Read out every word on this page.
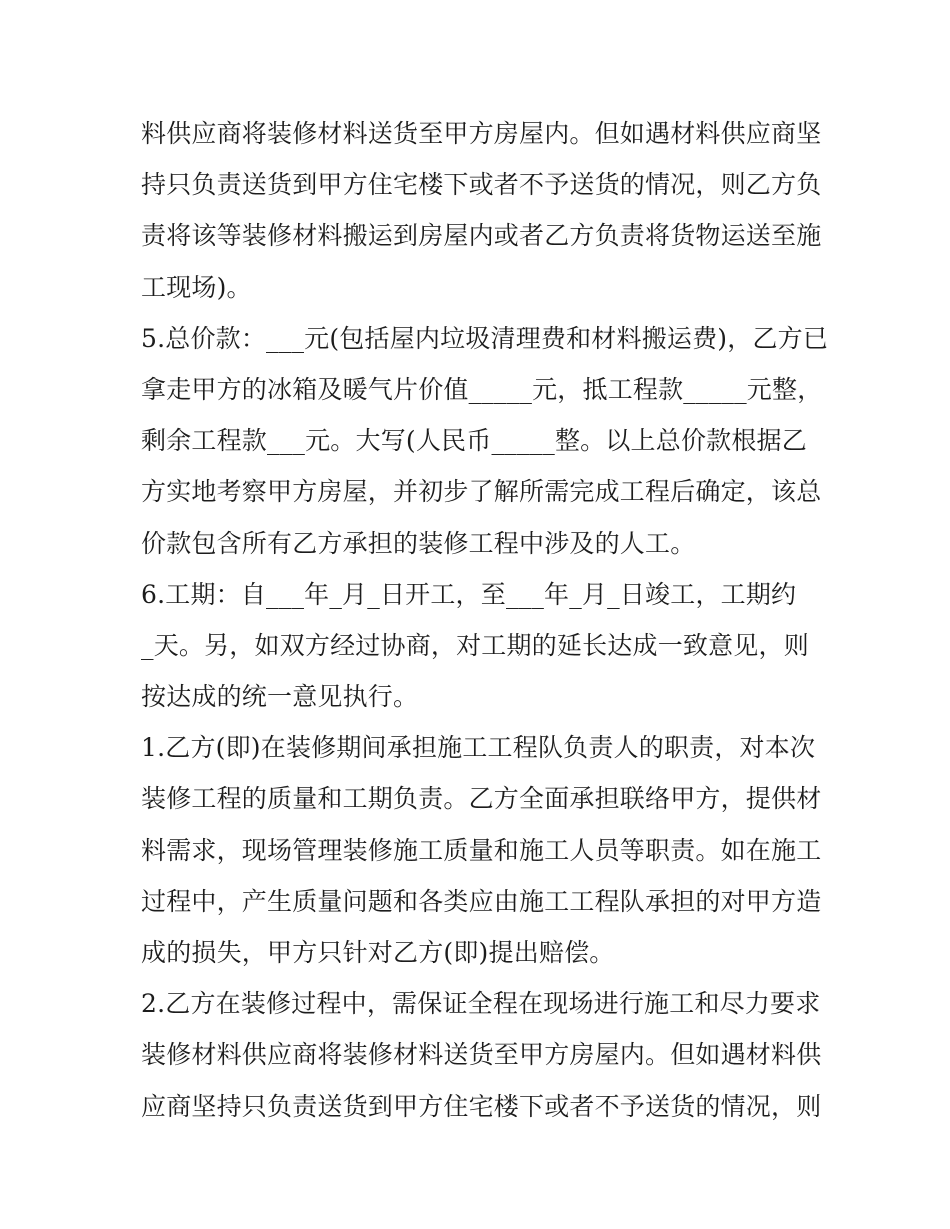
料供应商将装修材料送货至甲方房屋内。但如遇材料供应商坚
持只负责送货到甲方住宅楼下或者不予送货的情况，则乙方负
责将该等装修材料搬运到房屋内或者乙方负责将货物运送至施
工现场)。
5.总价款：___元(包括屋内垃圾清理费和材料搬运费)，乙方已
拿走甲方的冰箱及暖气片价值_____元，抵工程款_____元整，
剩余工程款___元。大写(人民币_____整。以上总价款根据乙
方实地考察甲方房屋，并初步了解所需完成工程后确定，该总
价款包含所有乙方承担的装修工程中涉及的人工。
6.工期：自___年_月_日开工，至___年_月_日竣工，工期约
_天。另，如双方经过协商，对工期的延长达成一致意见，则
按达成的统一意见执行。
1.乙方(即)在装修期间承担施工工程队负责人的职责，对本次
装修工程的质量和工期负责。乙方全面承担联络甲方，提供材
料需求，现场管理装修施工质量和施工人员等职责。如在施工
过程中，产生质量问题和各类应由施工工程队承担的对甲方造
成的损失，甲方只针对乙方(即)提出赔偿。
2.乙方在装修过程中，需保证全程在现场进行施工和尽力要求
装修材料供应商将装修材料送货至甲方房屋内。但如遇材料供
应商坚持只负责送货到甲方住宅楼下或者不予送货的情况，则
